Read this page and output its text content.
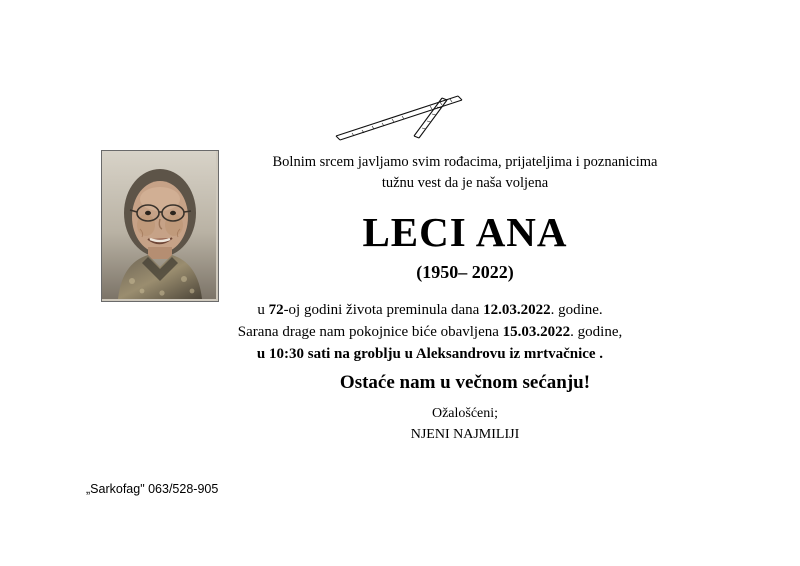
Bolnim srcem javljamo svim rođacima, prijateljima i poznanicima
tužnu vest da je naša voljena
LECI ANA
(1950– 2022)
u 72-oj godini života preminula dana 12.03.2022. godine.
Sarana drage nam pokojnice biće obavljena 15.03.2022. godine,
u 10:30 sati na groblju u Aleksandrovu iz mrtvačnice .
Ostaće nam u večnom sećanju!
Ožalošćeni;
NJENI NAJMILIJI
„Sarkofag" 063/528-905
